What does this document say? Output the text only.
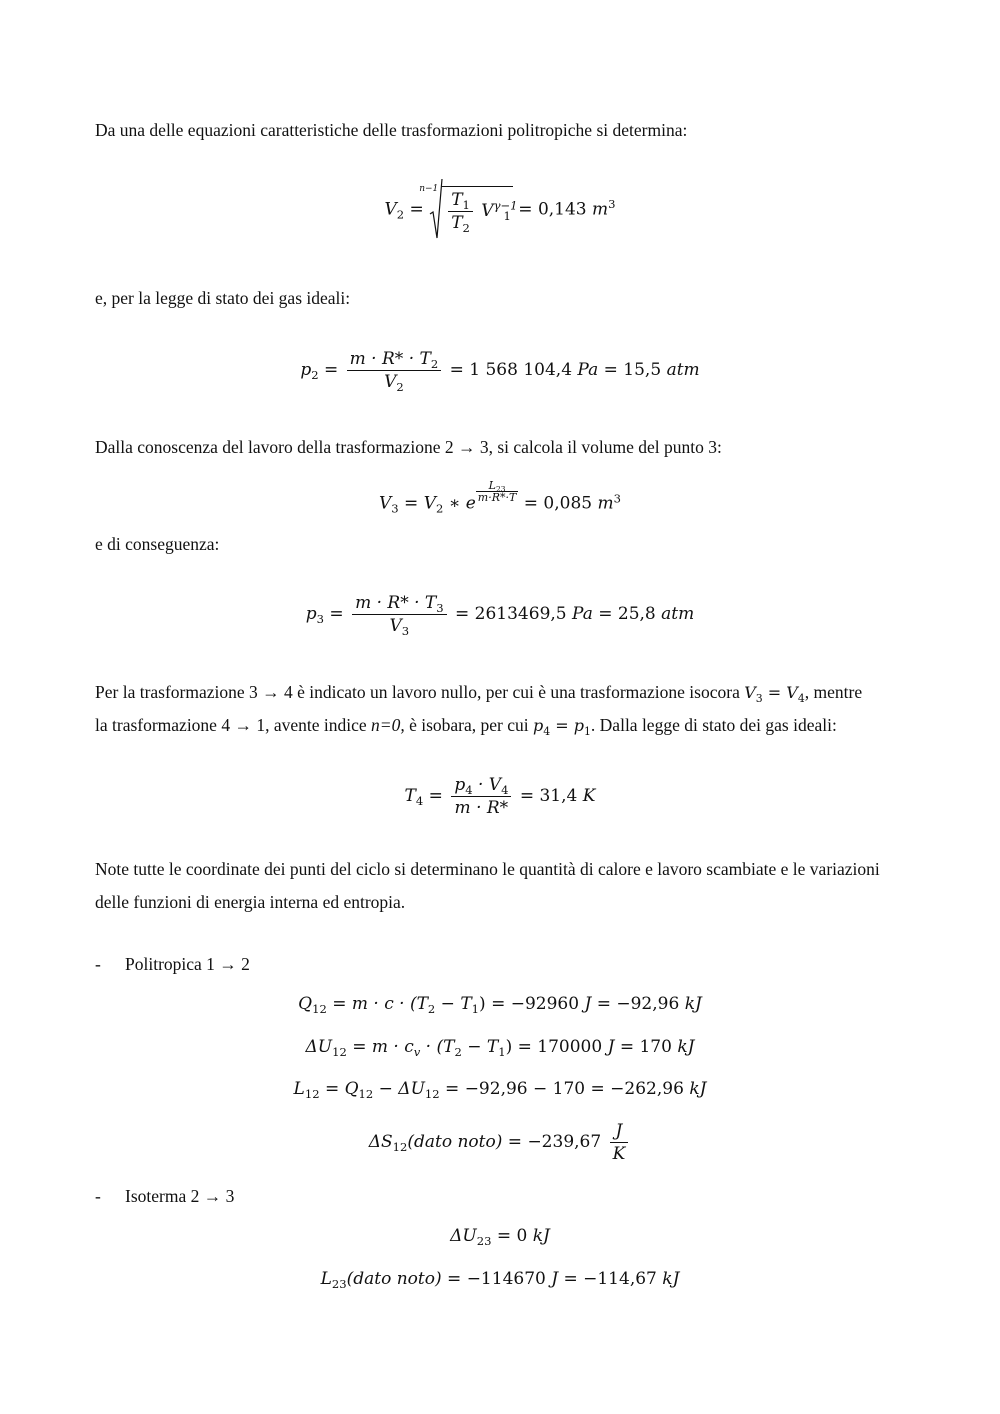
Da una delle equazioni caratteristiche delle trasformazioni politropiche si determina:

$V_2$ =
$n-1 \frac{T_1}{T_2} V^{\gamma-1}_1 = 0,143$ $m^3$

e, per la legge di stato dei gas ideali:

$p_2 = \frac{m \cdot R* \cdot T_2}{V_2} = 1$ 568 104,4 Pa = 15,5 atm

Dalla conoscenza del lavoro della trasformazione 2 → 3, si calcola il volume del punto 3:

$V_3 = V_2$ ∗ e
$\frac{L_{23}}{m\cdot R*\cdot T}$
= 0,085 $m^3$

e di conseguenza:

$p_3 = \frac{m \cdot R* \cdot T_3}{V_3} = 2613469,5$ Pa = 25,8 atm

Per la trasformazione 3 → 4 è indicato un lavoro nullo, per cui è una trasformazione isocora $V_3 = V_4$, mentre
la trasformazione 4 → 1, avente indice n=0, è isobara, per cui $p_4 = p_1$. Dalla legge di stato dei gas ideali:

$T_4 = \frac{p_4 \cdot V_4}{m \cdot R*} = 31,4$ K

Note tutte le coordinate dei punti del ciclo si determinano le quantità di calore e lavoro scambiate e le variazioni delle funzioni di energia interna ed entropia.

- Politropica 1 → 2
$Q_{12} = m \cdot c \cdot (T_2 - T_1) = -92960$ J = −92,96 kJ
$\Delta U_{12} = m \cdot c_v \cdot (T_2 - T_1) = 170000$ J = 170 kJ
$L_{12} = Q_{12} - \Delta U_{12} = -92,96 - 170 = -262,96$ kJ
$\Delta S_{12}(dato$ noto) = $-239,67 \frac{J}{K}$
- Isoterma 2 → 3
$\Delta U_{23} = 0$ kJ
$L_{23}(dato$ noto) = −114670 J = −114,67 kJ
